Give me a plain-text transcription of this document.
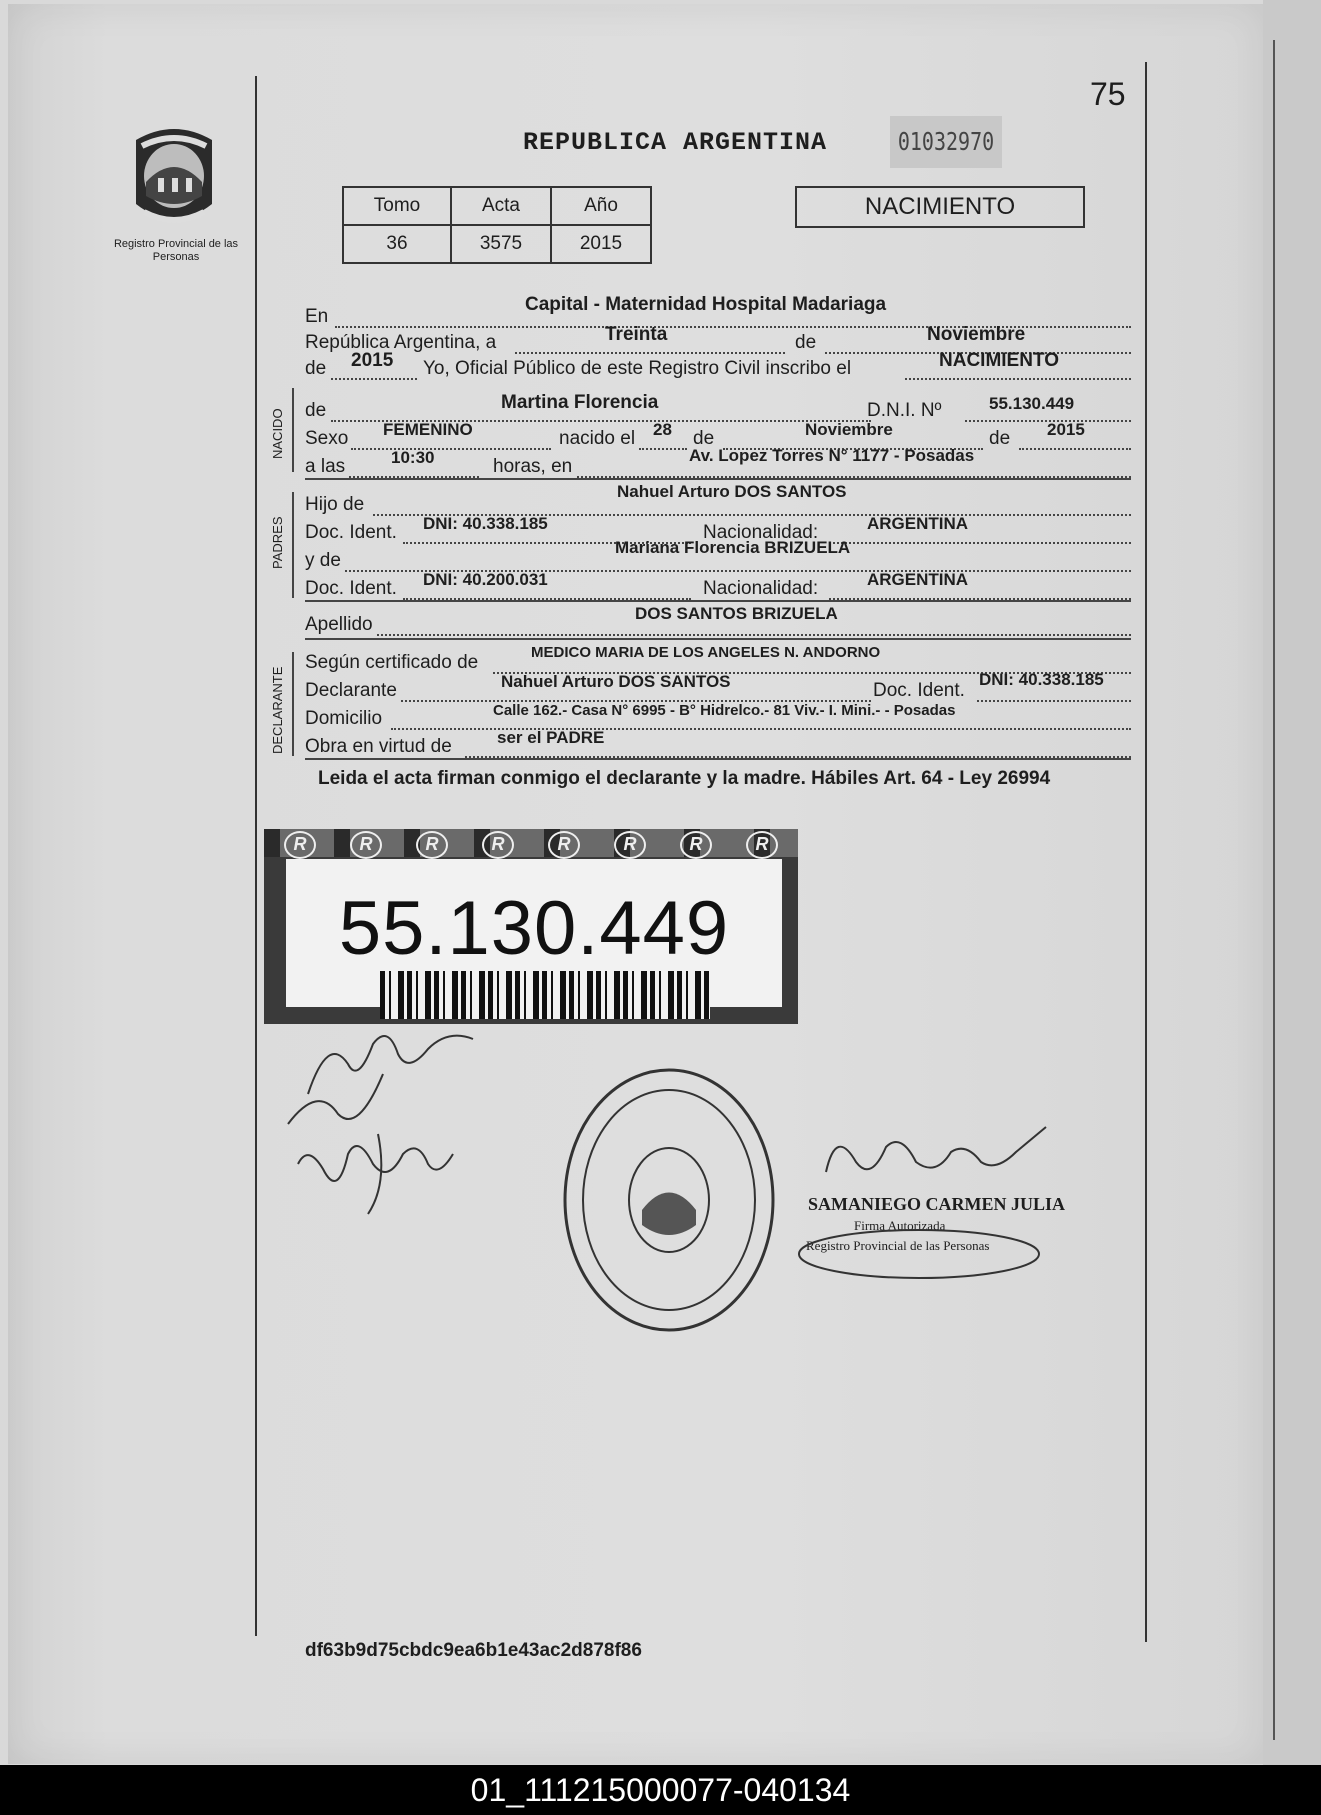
Registro Provincial de las Personas
75
REPUBLICA ARGENTINA	01032970
Tomo	Acta	Año
36	3575	2015
NACIMIENTO
En
Capital - Maternidad Hospital Madariaga
República Argentina, a	Treinta	de	Noviembre
de 2015 Yo, Oficial Público de este Registro Civil inscribo el	NACIMIENTO
NACIDO de	Martina Florencia	D.N.I. Nº	55.130.449
Sexo FEMENINO	nacido el 28 de	Noviembre	de 2015
a las	10:30	horas, en
Av. Lopez Torres N° 1177 - Posadas
PADRES
Hijo de
Nahuel Arturo DOS SANTOS
Doc. Ident. DNI: 40.338.185	Nacionalidad:	ARGENTINA
y de
Mariana Florencia BRIZUELA
Doc. Ident. DNI: 40.200.031	Nacionalidad:	ARGENTINA
Apellido
DOS SANTOS BRIZUELA
DECLARANTE
Según certificado de	MEDICO MARIA DE LOS ANGELES N. ANDORNO
Declarante	Nahuel Arturo DOS SANTOS	Doc. Ident.
DNI: 40.338.185
Domicilio	Calle 162.- Casa N° 6995 - B° Hidrelco.- 81 Viv.- I. Mini.- - Posadas
Obra en virtud de	ser el PADRE
Leida el acta firman conmigo el declarante y la madre. Hábiles Art. 64 - Ley 26994
R	R	R	R	R	R	R	R
55.130.449
SAMANIEGO CARMEN JULIA
Firma Autorizada
Registro Provincial de las Personas
df63b9d75cbdc9ea6b1e43ac2d878f86
01_111215000077-040134
